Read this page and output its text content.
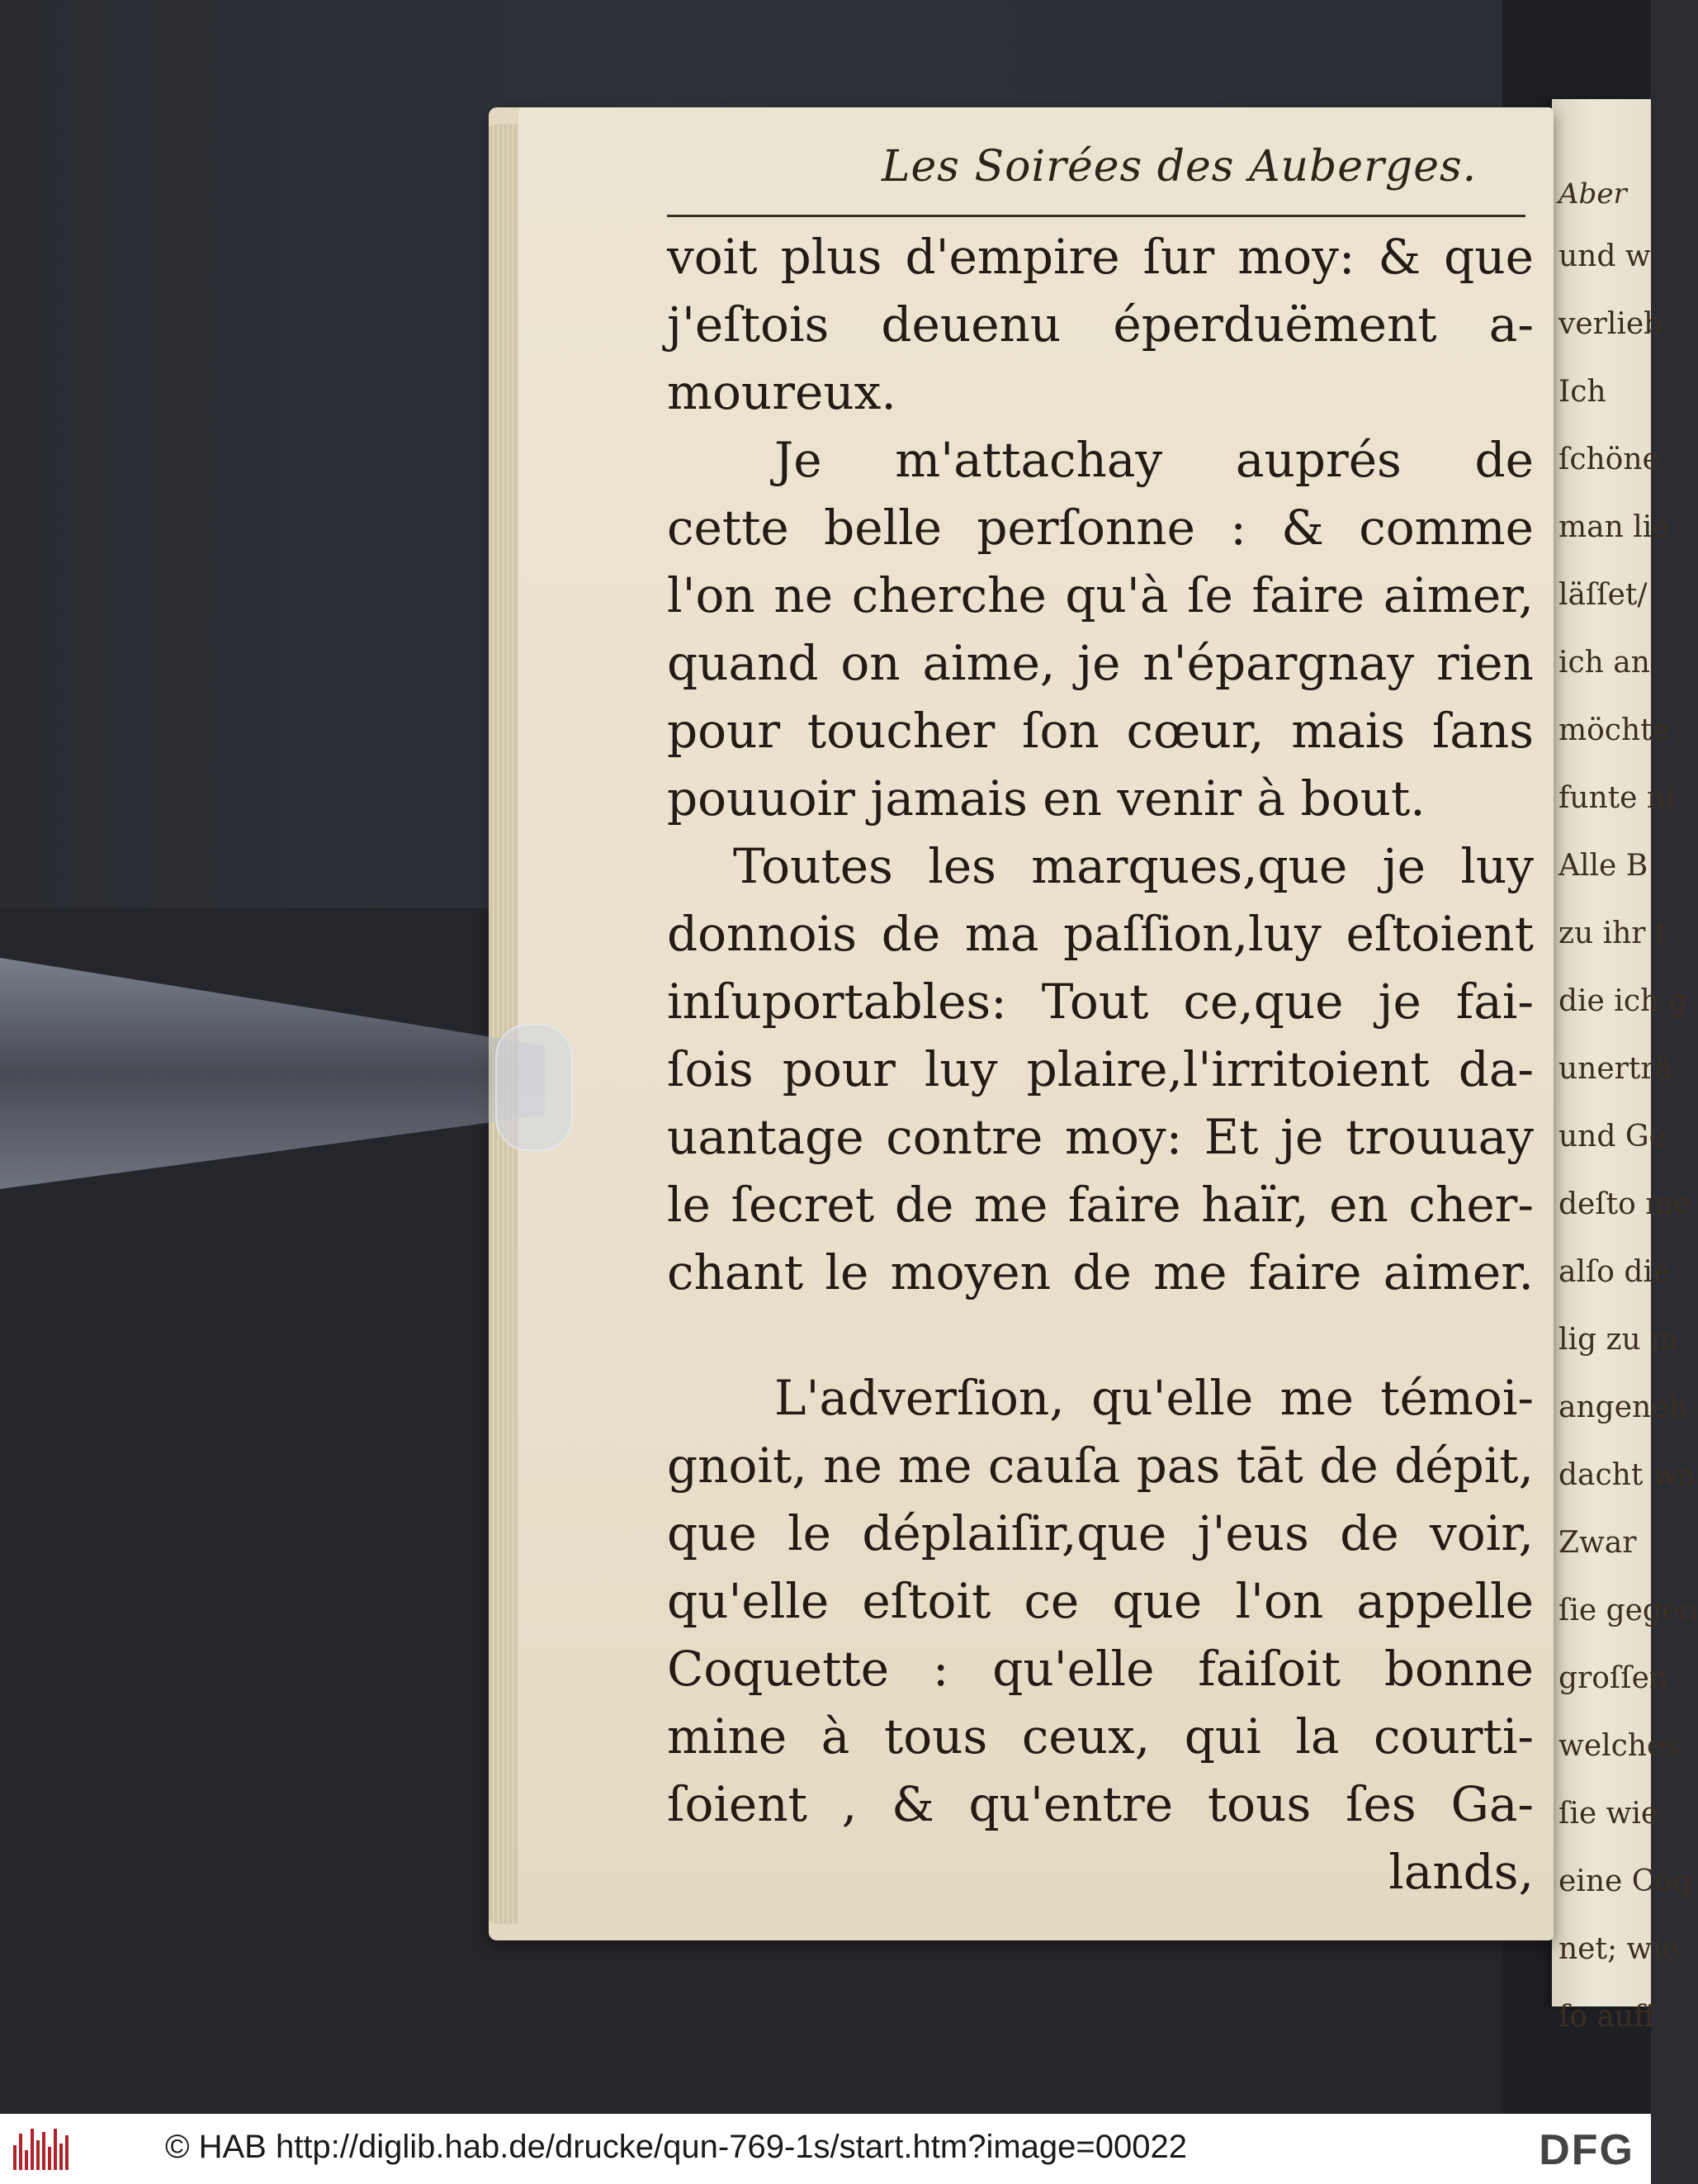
Aber
und w
verlieb
Ich
ſchöne
man lie
läſſet/
ich an
möchte
funte ni
Alle B
zu ihr t
die ich g
unerträ
und Ge
deſto me
alſo die
lig zu m
angeneh
dacht wa
Zwar
ſie gegen
groſſen
welches
ſie wie
eine Coq
net; wie
ſo auff
Les Soirées des Auberges.
voit plus d'empire ſur moy: & que
j'eſtois deuenu éperduëment a-
moureux.
Je m'attachay auprés de
cette belle perſonne : & comme
l'on ne cherche qu'à ſe faire aimer,
quand on aime, je n'épargnay rien
pour toucher ſon cœur, mais ſans
pouuoir jamais en venir à bout.
Toutes les marques,que je luy
donnois de ma paſſion,luy eſtoient
inſuportables: Tout ce,que je fai-
ſois pour luy plaire,l'irritoient da-
uantage contre moy: Et je trouuay
le ſecret de me faire haïr, en cher-
chant le moyen de me faire aimer.
L'adverſion, qu'elle me témoi-
gnoit, ne me cauſa pas tāt de dépit,
que le déplaiſir,que j'eus de voir,
qu'elle eſtoit ce que l'on appelle
Coquette : qu'elle faiſoit bonne
mine à tous ceux, qui la courti-
ſoient , & qu'entre tous ſes Ga-
lands,
© HAB http://diglib.hab.de/drucke/qun-769-1s/start.htm?image=00022	DFG
